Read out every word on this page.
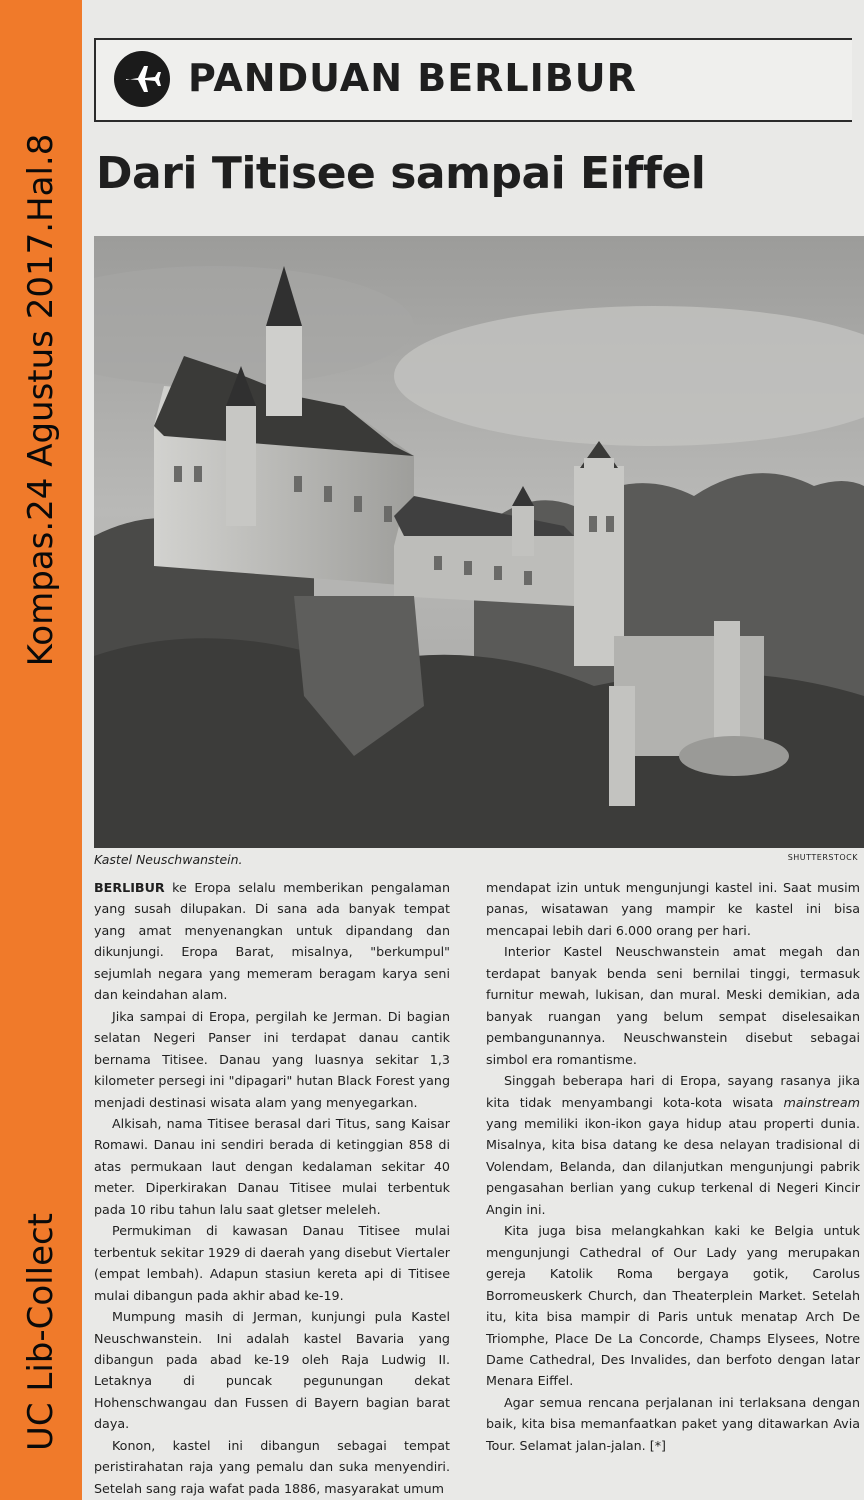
Kompas.24 Agustus 2017.Hal.8
UC Lib-Collect
PANDUAN BERLIBUR
Dari Titisee sampai Eiffel
Kastel Neuschwanstein.	SHUTTERSTOCK

BERLIBUR ke Eropa selalu memberikan pengalaman yang susah dilupakan. Di sana ada banyak tempat yang amat menyenangkan untuk dipandang dan dikunjungi. Eropa Barat, misalnya, "berkumpul" sejumlah negara yang memeram beragam karya seni dan keindahan alam.

Jika sampai di Eropa, pergilah ke Jerman. Di bagian selatan Negeri Panser ini terdapat danau cantik bernama Titisee. Danau yang luasnya sekitar 1,3 kilometer persegi ini "dipagari" hutan Black Forest yang menjadi destinasi wisata alam yang menyegarkan.

Alkisah, nama Titisee berasal dari Titus, sang Kaisar Romawi. Danau ini sendiri berada di ketinggian 858 di atas permukaan laut dengan kedalaman sekitar 40 meter. Diperkirakan Danau Titisee mulai terbentuk pada 10 ribu tahun lalu saat gletser meleleh.

Permukiman di kawasan Danau Titisee mulai terbentuk sekitar 1929 di daerah yang disebut Viertaler (empat lembah). Adapun stasiun kereta api di Titisee mulai dibangun pada akhir abad ke-19.

Mumpung masih di Jerman, kunjungi pula Kastel Neuschwanstein. Ini adalah kastel Bavaria yang dibangun pada abad ke-19 oleh Raja Ludwig II. Letaknya di puncak pegunungan dekat Hohenschwangau dan Fussen di Bayern bagian barat daya.

Konon, kastel ini dibangun sebagai tempat peristirahatan raja yang pemalu dan suka menyendiri. Setelah sang raja wafat pada 1886, masyarakat umum

mendapat izin untuk mengunjungi kastel ini. Saat musim panas, wisatawan yang mampir ke kastel ini bisa mencapai lebih dari 6.000 orang per hari.

Interior Kastel Neuschwanstein amat megah dan terdapat banyak benda seni bernilai tinggi, termasuk furnitur mewah, lukisan, dan mural. Meski demikian, ada banyak ruangan yang belum sempat diselesaikan pembangunannya. Neuschwanstein disebut sebagai simbol era romantisme.

Singgah beberapa hari di Eropa, sayang rasanya jika kita tidak menyambangi kota-kota wisata mainstream yang memiliki ikon-ikon gaya hidup atau properti dunia. Misalnya, kita bisa datang ke desa nelayan tradisional di Volendam, Belanda, dan dilanjutkan mengunjungi pabrik pengasahan berlian yang cukup terkenal di Negeri Kincir Angin ini.

Kita juga bisa melangkahkan kaki ke Belgia untuk mengunjungi Cathedral of Our Lady yang merupakan gereja Katolik Roma bergaya gotik, Carolus Borromeuskerk Church, dan Theaterplein Market. Setelah itu, kita bisa mampir di Paris untuk menatap Arch De Triomphe, Place De La Concorde, Champs Elysees, Notre Dame Cathedral, Des Invalides, dan berfoto dengan latar Menara Eiffel.

Agar semua rencana perjalanan ini terlaksana dengan baik, kita bisa memanfaatkan paket yang ditawarkan Avia Tour. Selamat jalan-jalan. [*]
